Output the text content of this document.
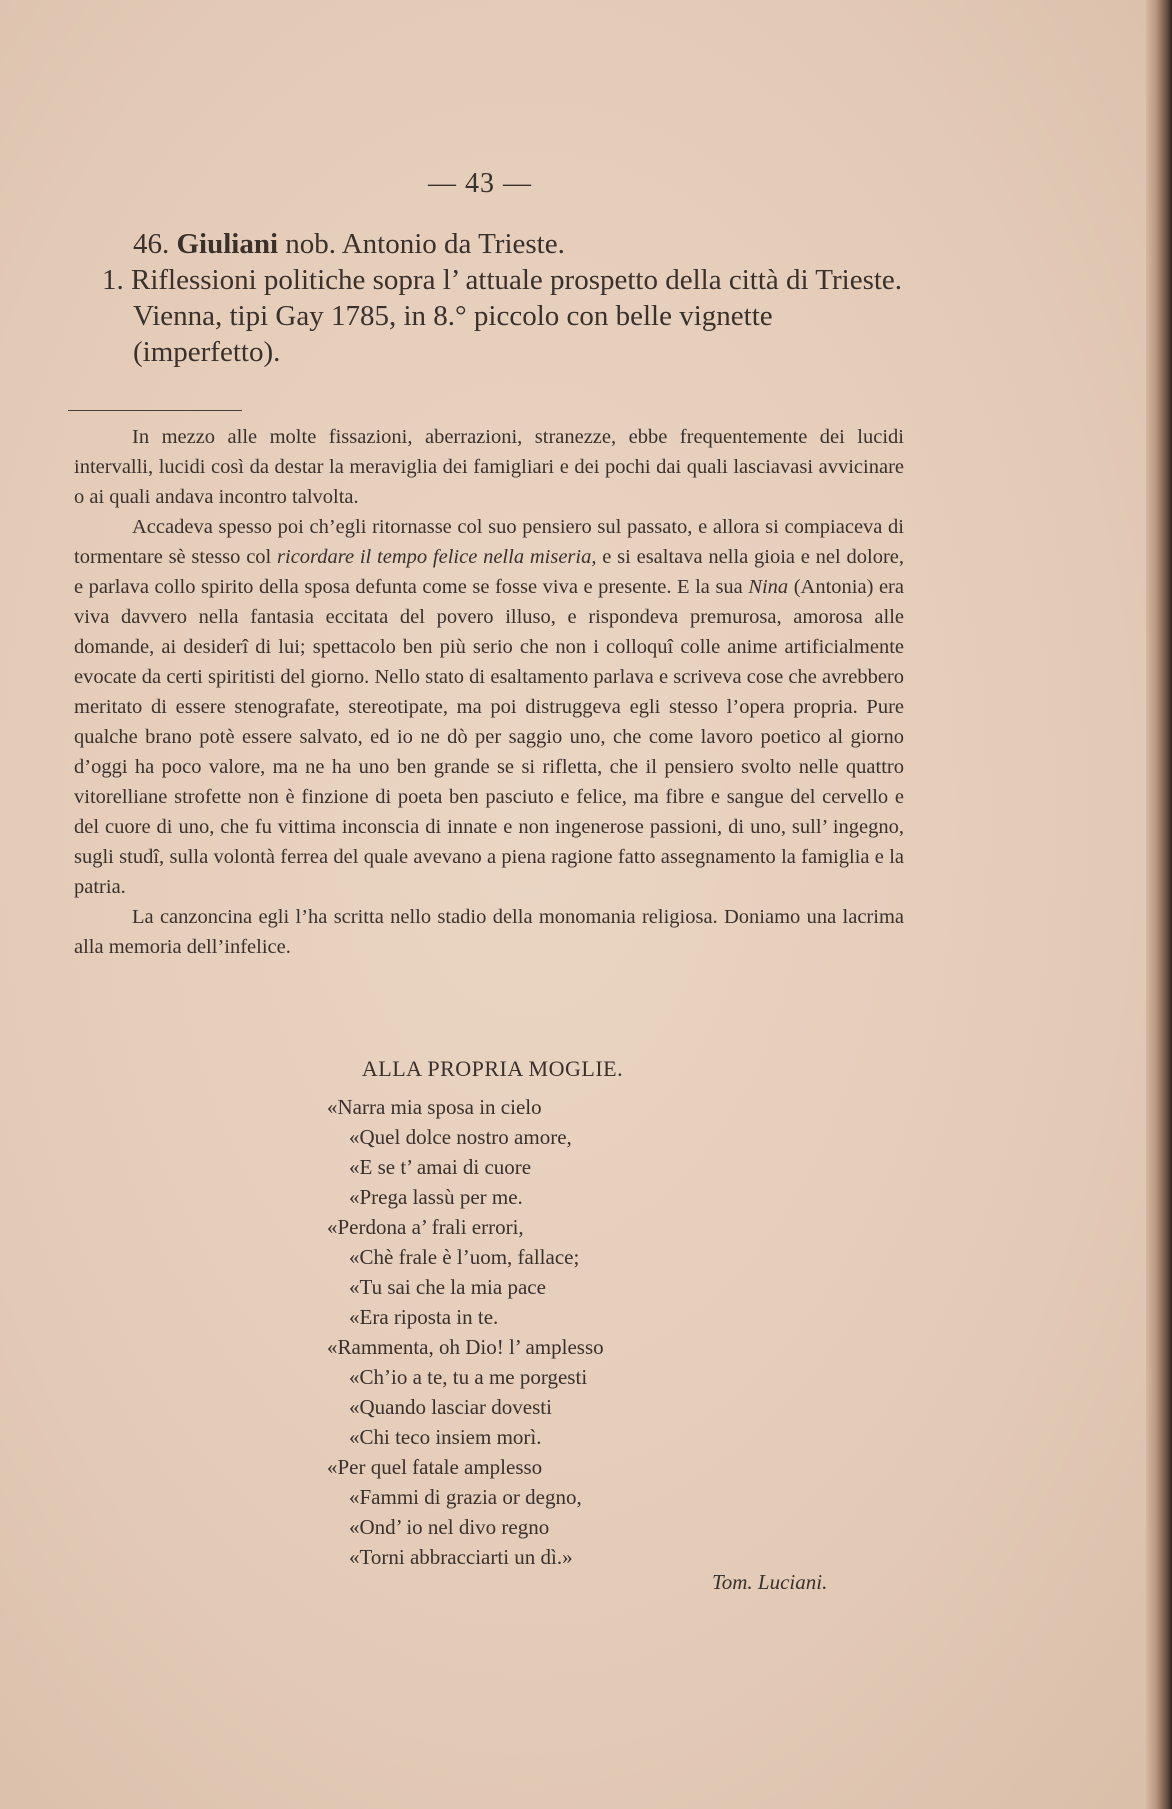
— 43 —
46. Giuliani nob. Antonio da Trieste.
1. Riflessioni politiche sopra l’ attuale prospetto della città di Trieste. Vienna, tipi Gay 1785, in 8.° piccolo con belle vignette (imperfetto).

In mezzo alle molte fissazioni, aberrazioni, stranezze, ebbe frequentemente dei lucidi intervalli, lucidi così da destar la meraviglia dei famigliari e dei pochi dai quali lasciavasi avvicinare o ai quali andava incontro talvolta.

Accadeva spesso poi ch’egli ritornasse col suo pensiero sul passato, e allora si compiaceva di tormentare sè stesso col ricordare il tempo felice nella miseria, e si esaltava nella gioia e nel dolore, e parlava collo spirito della sposa defunta come se fosse viva e presente. E la sua Nina (Antonia) era viva davvero nella fantasia eccitata del povero illuso, e rispondeva premurosa, amorosa alle domande, ai desiderî di lui; spettacolo ben più serio che non i colloquî colle anime artificialmente evocate da certi spiritisti del giorno. Nello stato di esaltamento parlava e scriveva cose che avrebbero meritato di essere stenografate, stereotipate, ma poi distruggeva egli stesso l’opera propria. Pure qualche brano potè essere salvato, ed io ne dò per saggio uno, che come lavoro poetico al giorno d’oggi ha poco valore, ma ne ha uno ben grande se si rifletta, che il pensiero svolto nelle quattro vitorelliane strofette non è finzione di poeta ben pasciuto e felice, ma fibre e sangue del cervello e del cuore di uno, che fu vittima inconscia di innate e non ingenerose passioni, di uno, sull’ ingegno, sugli studî, sulla volontà ferrea del quale avevano a piena ragione fatto assegnamento la famiglia e la patria.

La canzoncina egli l’ha scritta nello stadio della monomania religiosa. Doniamo una lacrima alla memoria dell’infelice.

ALLA PROPRIA MOGLIE.
«Narra mia sposa in cielo
«Quel dolce nostro amore,
«E se t’ amai di cuore
«Prega lassù per me.
«Perdona a’ frali errori,
«Chè frale è l’uom, fallace;
«Tu sai che la mia pace
«Era riposta in te.
«Rammenta, oh Dio! l’ amplesso
«Ch’io a te, tu a me porgesti
«Quando lasciar dovesti
«Chi teco insiem morì.
«Per quel fatale amplesso
«Fammi di grazia or degno,
«Ond’ io nel divo regno
«Torni abbracciarti un dì.»
Tom. Luciani.
